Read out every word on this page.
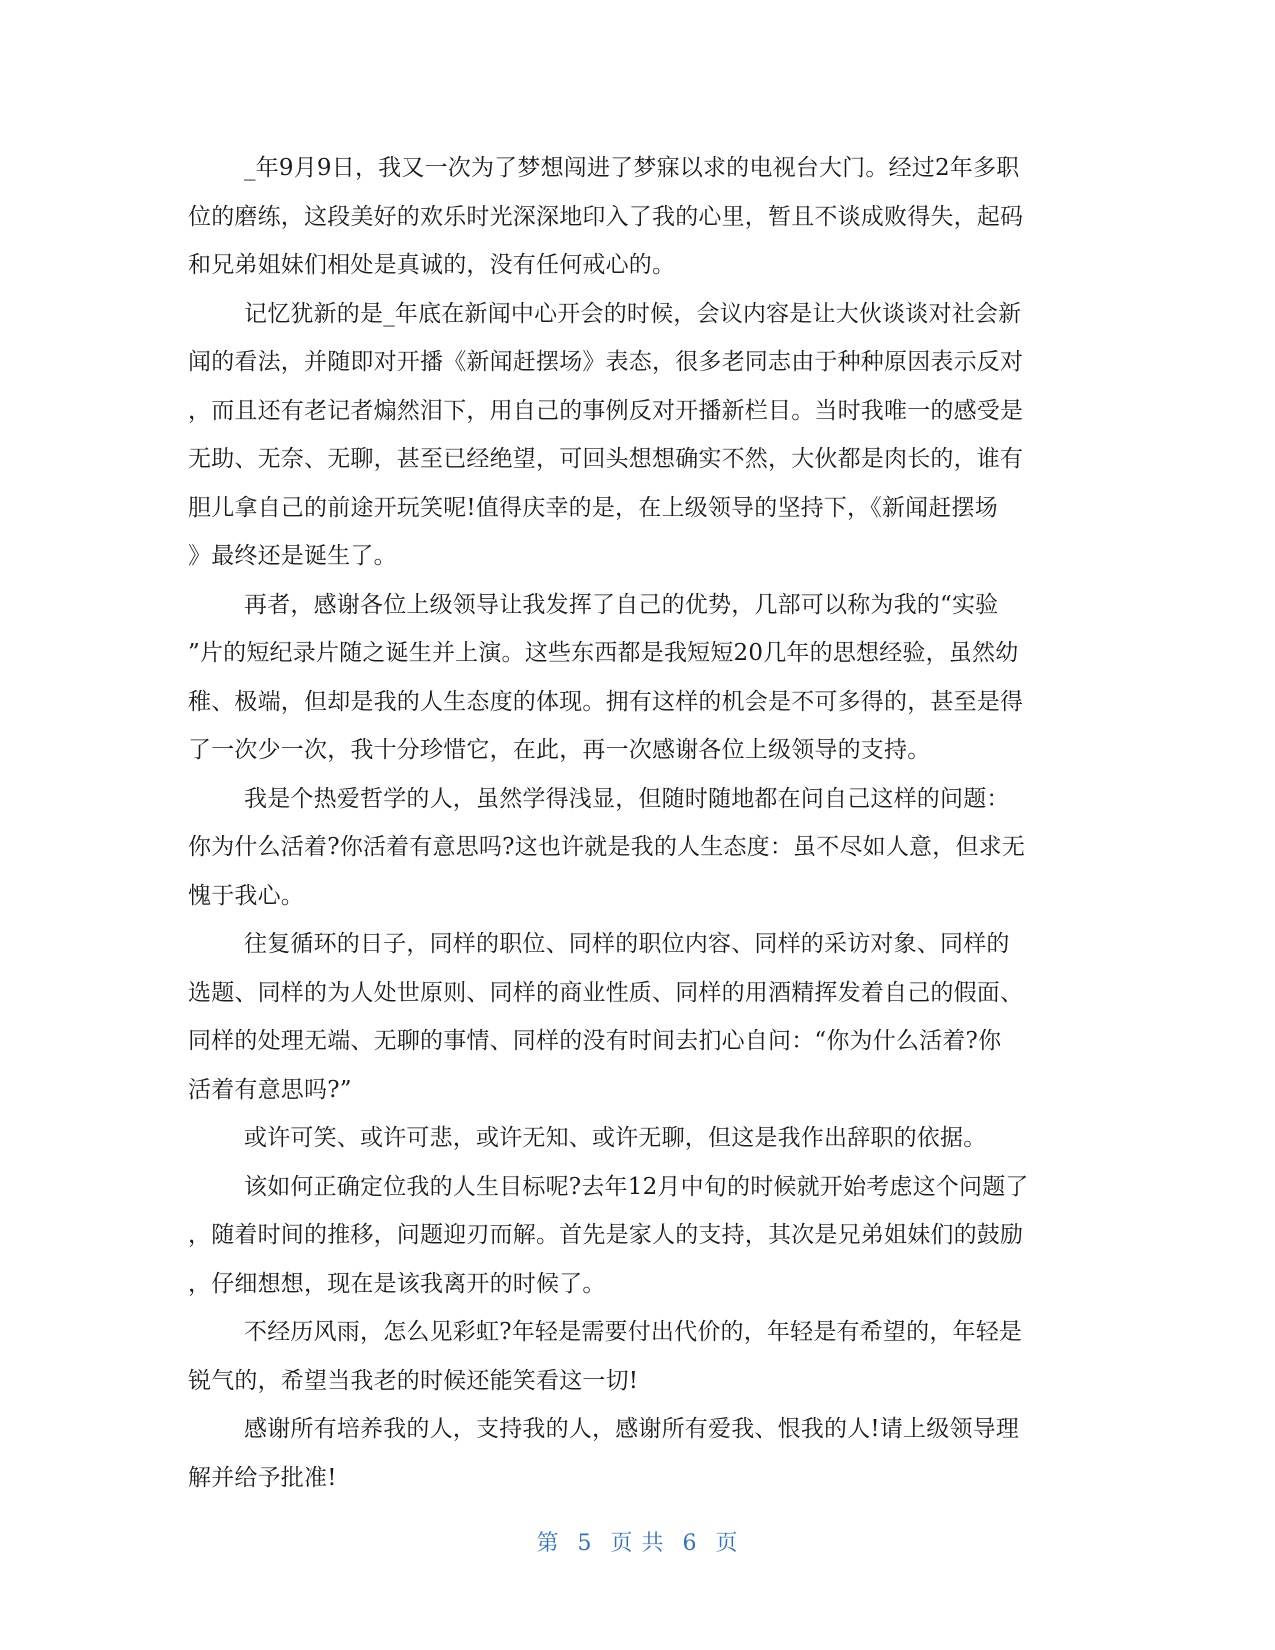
_年9月9日，我又一次为了梦想闯进了梦寐以求的电视台大门。经过2年多职
位的磨练，这段美好的欢乐时光深深地印入了我的心里，暂且不谈成败得失，起码
和兄弟姐妹们相处是真诚的，没有任何戒心的。
记忆犹新的是_年底在新闻中心开会的时候，会议内容是让大伙谈谈对社会新
闻的看法，并随即对开播《新闻赶摆场》表态，很多老同志由于种种原因表示反对
，而且还有老记者煽然泪下，用自己的事例反对开播新栏目。当时我唯一的感受是
无助、无奈、无聊，甚至已经绝望，可回头想想确实不然，大伙都是肉长的，谁有
胆儿拿自己的前途开玩笑呢!值得庆幸的是，在上级领导的坚持下，《新闻赶摆场
》最终还是诞生了。
再者，感谢各位上级领导让我发挥了自己的优势，几部可以称为我的“实验
”片的短纪录片随之诞生并上演。这些东西都是我短短20几年的思想经验，虽然幼
稚、极端，但却是我的人生态度的体现。拥有这样的机会是不可多得的，甚至是得
了一次少一次，我十分珍惜它，在此，再一次感谢各位上级领导的支持。
我是个热爱哲学的人，虽然学得浅显，但随时随地都在问自己这样的问题：
你为什么活着?你活着有意思吗?这也许就是我的人生态度：虽不尽如人意，但求无
愧于我心。
往复循环的日子，同样的职位、同样的职位内容、同样的采访对象、同样的
选题、同样的为人处世原则、同样的商业性质、同样的用酒精挥发着自己的假面、
同样的处理无端、无聊的事情、同样的没有时间去扪心自问：“你为什么活着?你
活着有意思吗?”
或许可笑、或许可悲，或许无知、或许无聊，但这是我作出辞职的依据。
该如何正确定位我的人生目标呢?去年12月中旬的时候就开始考虑这个问题了
，随着时间的推移，问题迎刃而解。首先是家人的支持，其次是兄弟姐妹们的鼓励
，仔细想想，现在是该我离开的时候了。
不经历风雨，怎么见彩虹?年轻是需要付出代价的，年轻是有希望的，年轻是
锐气的，希望当我老的时候还能笑看这一切!
感谢所有培养我的人，支持我的人，感谢所有爱我、恨我的人!请上级领导理
解并给予批准!
第 5 页 共 6 页
